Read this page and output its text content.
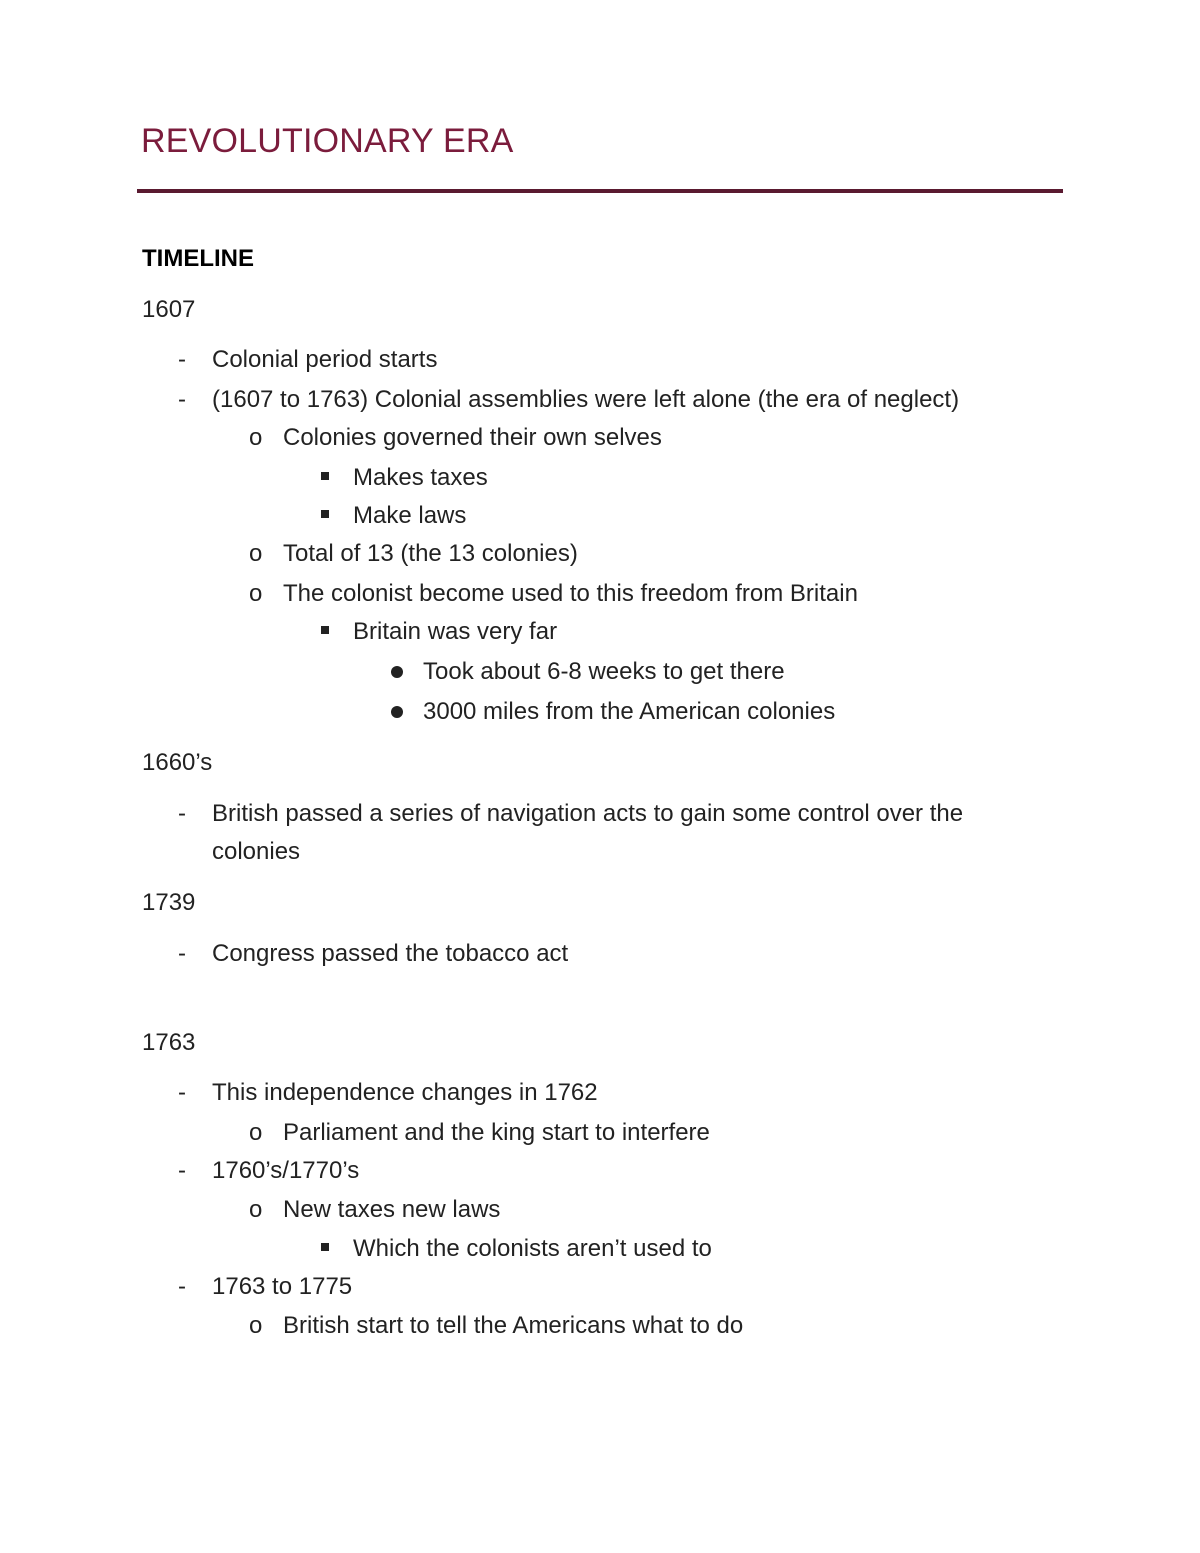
REVOLUTIONARY ERA
TIMELINE
1607
- Colonial period starts
- (1607 to 1763) Colonial assemblies were left alone (the era of neglect)
o Colonies governed their own selves
Makes taxes
Make laws
o Total of 13 (the 13 colonies)
o The colonist become used to this freedom from Britain
Britain was very far
Took about 6-8 weeks to get there
3000 miles from the American colonies
1660’s
- British passed a series of navigation acts to gain some control over the
colonies
1739
- Congress passed the tobacco act
1763
- This independence changes in 1762
o Parliament and the king start to interfere
- 1760’s/1770’s
o New taxes new laws
Which the colonists aren’t used to
- 1763 to 1775
o British start to tell the Americans what to do
